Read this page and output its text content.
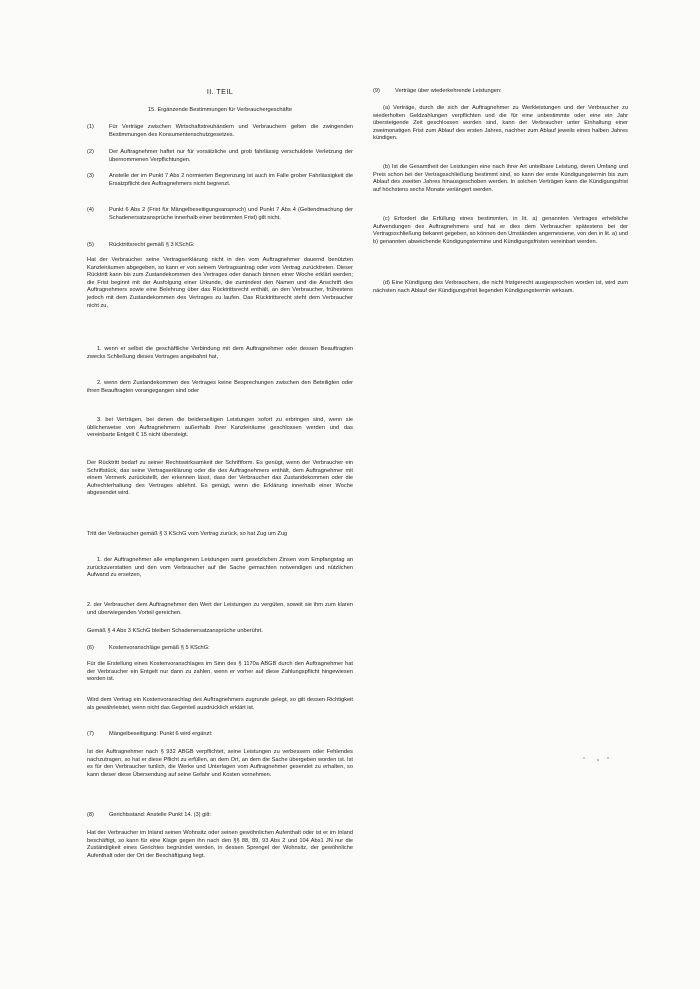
II. TEIL

15. Ergänzende Bestimmungen für Verbrauchergeschäfte

(1)	Für Verträge zwischen Wirtschaftstreuhändern und Verbrauchern gelten die zwingenden Bestimmungen des Konsumentenschutzgesetzes.

(2)	Der Auftragnehmer haftet nur für vorsätzliche und grob fahrlässig verschuldete Verletzung der übernommenen Verpflichtungen.

(3)	Anstelle der im Punkt 7 Abs 2 normierten Begrenzung ist auch im Falle grober Fahrlässigkeit die Ersatzpflicht des Auftragnehmers nicht begrenzt.

(4)	Punkt 6 Abs 2 (Frist für Mängelbeseitigungsanspruch) und Punkt 7 Abs 4 (Geltendmachung der Schadenersatzansprüche innerhalb einer bestimmten Frist) gilt nicht.

(5)	Rücktrittsrecht gemäß § 3 KSchG:

Hat der Verbraucher seine Vertragserklärung nicht in den vom Auftragnehmer dauernd benützten Kanzleiräumen abgegeben, so kann er von seinem Vertragsantrag oder vom Vertrag zurücktreten. Dieser Rücktritt kann bis zum Zustandekommen des Vertrages oder danach binnen einer Woche erklärt werden; die Frist beginnt mit der Ausfolgung einer Urkunde, die zumindest den Namen und die Anschrift des Auftragnehmers sowie eine Belehrung über das Rücktrittsrecht enthält, an den Verbraucher, frühestens jedoch mit dem Zustandekommen des Vertrages zu laufen. Das Rücktrittsrecht steht dem Verbraucher nicht zu,

1. wenn er selbst die geschäftliche Verbindung mit dem Auftragnehmer oder dessen Beauftragten zwecks Schließung dieses Vertrages angebahnt hat,

2. wenn dem Zustandekommen des Vertrages keine Besprechungen zwischen den Beteiligten oder ihren Beauftragten vorangegangen sind oder

3. bei Verträgen, bei denen die beiderseitigen Leistungen sofort zu erbringen sind, wenn sie üblicherweise von Auftragnehmern außerhalb ihrer Kanzleiräume geschlossen werden und das vereinbarte Entgelt € 15 nicht übersteigt.

Der Rücktritt bedarf zu seiner Rechtswirksamkeit der Schriftform. Es genügt, wenn der Verbraucher ein Schriftstück, das seine Vertragserklärung oder die des Auftragnehmers enthält, dem Auftragnehmer mit einem Vermerk zurückstellt, der erkennen lässt, dass der Verbraucher das Zustandekommen oder die Aufrechterhaltung des Vertrages ablehnt. Es genügt, wenn die Erklärung innerhalb einer Woche abgesendet wird.

Tritt der Verbraucher gemäß § 3 KSchG vom Vertrag zurück, so hat Zug um Zug

1. der Auftragnehmer alle empfangenen Leistungen samt gesetzlichen Zinsen vom Empfangstag an zurückzuerstatten und den vom Verbraucher auf die Sache gemachten notwendigen und nützlichen Aufwand zu ersetzen,

2. der Verbraucher dem Auftragnehmer den Wert der Leistungen zu vergüten, soweit sie ihm zum klaren und überwiegenden Vorteil gereichen.

Gemäß § 4 Abs 3 KSchG bleiben Schadenersatzansprüche unberührt.

(6)	Kostenvoranschläge gemäß § 5 KSchG:

Für die Erstellung eines Kostenvoranschlages im Sinn des § 1170a ABGB durch den Auftragnehmer hat der Verbraucher ein Entgelt nur dann zu zahlen, wenn er vorher auf diese Zahlungspflicht hingewiesen worden ist.

Wird dem Vertrag ein Kostenvoranschlag des Auftragnehmers zugrunde gelegt, so gilt dessen Richtigkeit als gewährleistet, wenn nicht das Gegenteil ausdrücklich erklärt ist.

(7)	Mängelbeseitigung: Punkt 6 wird ergänzt:

Ist der Auftragnehmer nach § 932 ABGB verpflichtet, seine Leistungen zu verbessern oder Fehlendes nachzutragen, so hat er diese Pflicht zu erfüllen, an dem Ort, an dem die Sache übergeben worden ist. Ist es für den Verbraucher tunlich, die Werke und Unterlagen vom Auftragnehmer gesendet zu erhalten, so kann dieser diese Übersendung auf seine Gefahr und Kosten vornehmen.

(8)	Gerichtsstand: Anstelle Punkt 14. (3) gilt:

Hat der Verbraucher im Inland seinen Wohnsitz oder seinen gewöhnlichen Aufenthalt oder ist er im Inland beschäftigt, so kann für eine Klage gegen ihn nach den §§ 88, 89, 93 Abs 2 und 104 Abs1 JN nur die Zuständigkeit eines Gerichtes begründet werden, in dessen Sprengel der Wohnsitz, der gewöhnliche Aufenthalt oder der Ort der Beschäftigung liegt.

(9)	Verträge über wiederkehrende Leistungen:

(a) Verträge, durch die sich der Auftragnehmer zu Werkleistungen und der Verbraucher zu wiederholten Geldzahlungen verpflichten und die für eine unbestimmte oder eine ein Jahr übersteigende Zeit geschlossen worden sind, kann der Verbraucher unter Einhaltung einer zweimonatigen Frist zum Ablauf des ersten Jahres, nachher zum Ablauf jeweils eines halben Jahres kündigen.

(b) Ist die Gesamtheit der Leistungen eine nach ihrer Art unteilbare Leistung, deren Umfang und Preis schon bei der Vertragsschließung bestimmt sind, so kann der erste Kündigungstermin bis zum Ablauf des zweiten Jahres hinausgeschoben werden. In solchen Verträgen kann die Kündigungsfrist auf höchstens sechs Monate verlängert werden.

(c) Erfordert die Erfüllung eines bestimmten, in lit. a) genannten Vertrages erhebliche Aufwendungen des Auftragnehmers und hat er dies dem Verbraucher spätestens bei der Vertragsschließung bekannt gegeben, so können den Umständen angemessene, von den in lit. a) und b) genannten abweichende Kündigungstermine und Kündigungsfristen vereinbart werden.

(d) Eine Kündigung des Verbrauchers, die nicht fristgerecht ausgesprochen worden ist, wird zum nächsten nach Ablauf der Kündigungsfrist liegenden Kündigungstermin wirksam.
